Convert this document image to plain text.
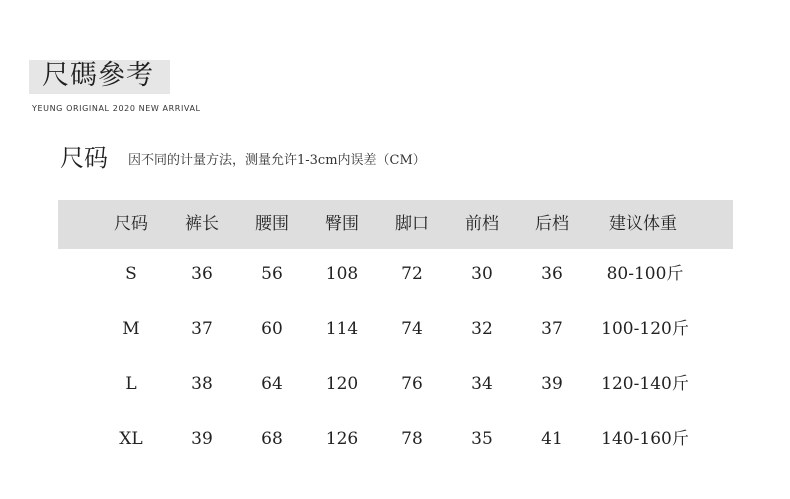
尺碼參考
YEUNG ORIGINAL 2020 NEW ARRIVAL
尺码 因不同的计量方法，测量允许1-3cm内误差（CM）
尺码 裤长 腰围 臀围 脚口 前档 后档 建议体重
S	36	56	108	72	30	36	80-100斤
M	37	60	114	74	32	37 100-120斤
L	38	64	120	76	34	39 120-140斤
XL	39	68	126	78	35	41 140-160斤
